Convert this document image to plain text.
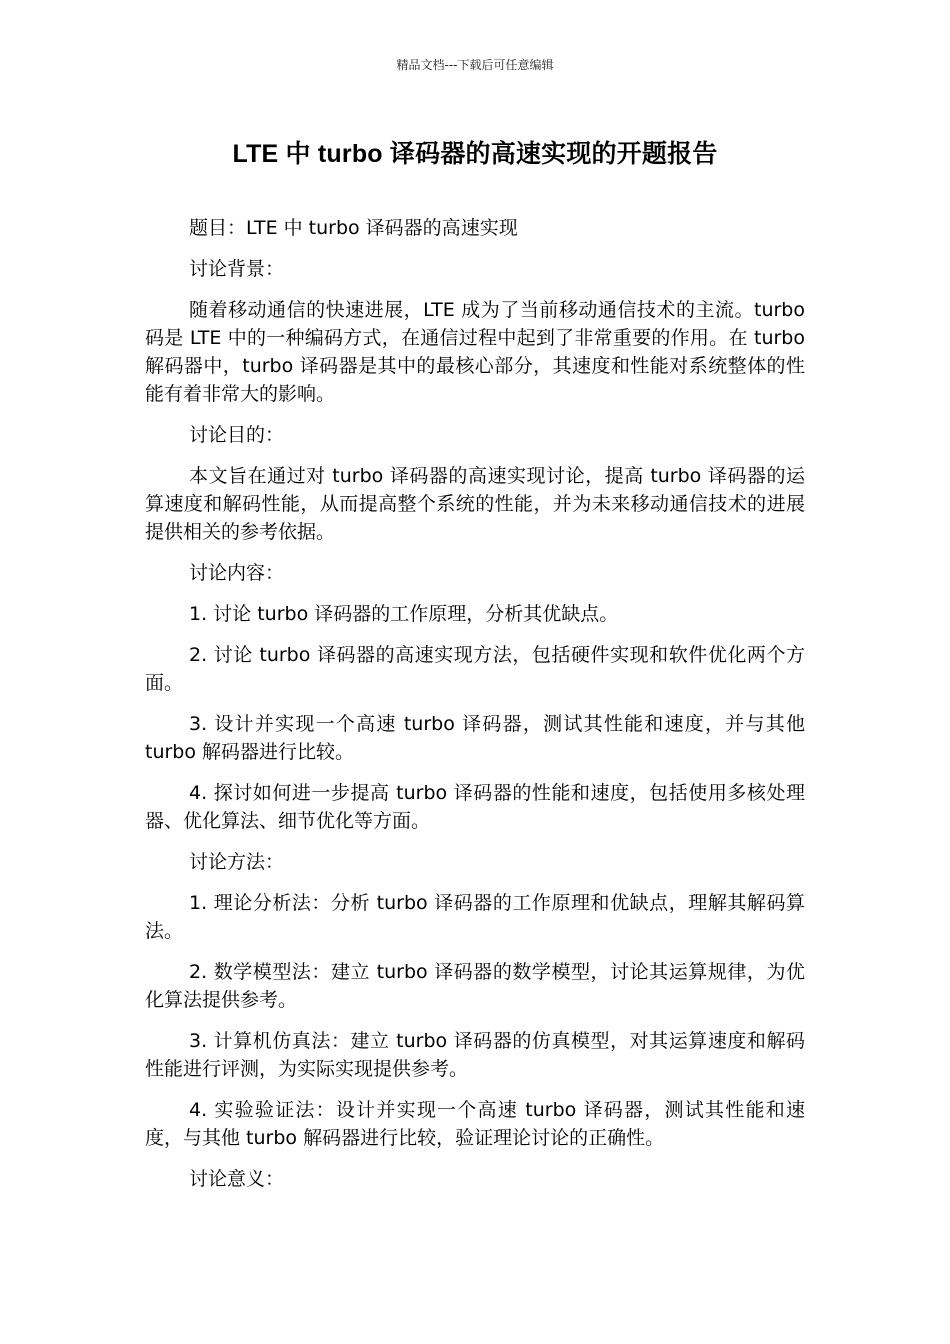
精品文档---下载后可任意编辑
LTE 中 turbo 译码器的高速实现的开题报告

题目：LTE 中 turbo 译码器的高速实现

讨论背景：

随着移动通信的快速进展，LTE 成为了当前移动通信技术的主流。turbo 码是 LTE 中的一种编码方式，在通信过程中起到了非常重要的作用。在 turbo 解码器中，turbo 译码器是其中的最核心部分，其速度和性能对系统整体的性能有着非常大的影响。

讨论目的：

本文旨在通过对 turbo 译码器的高速实现讨论，提高 turbo 译码器的运算速度和解码性能，从而提高整个系统的性能，并为未来移动通信技术的进展提供相关的参考依据。

讨论内容：

1. 讨论 turbo 译码器的工作原理，分析其优缺点。

2. 讨论 turbo 译码器的高速实现方法，包括硬件实现和软件优化两个方面。

3. 设计并实现一个高速 turbo 译码器，测试其性能和速度，并与其他 turbo 解码器进行比较。

4. 探讨如何进一步提高 turbo 译码器的性能和速度，包括使用多核处理器、优化算法、细节优化等方面。

讨论方法：

1. 理论分析法：分析 turbo 译码器的工作原理和优缺点，理解其解码算法。

2. 数学模型法：建立 turbo 译码器的数学模型，讨论其运算规律，为优化算法提供参考。

3. 计算机仿真法：建立 turbo 译码器的仿真模型，对其运算速度和解码性能进行评测，为实际实现提供参考。

4. 实验验证法：设计并实现一个高速 turbo 译码器，测试其性能和速度，与其他 turbo 解码器进行比较，验证理论讨论的正确性。

讨论意义：
